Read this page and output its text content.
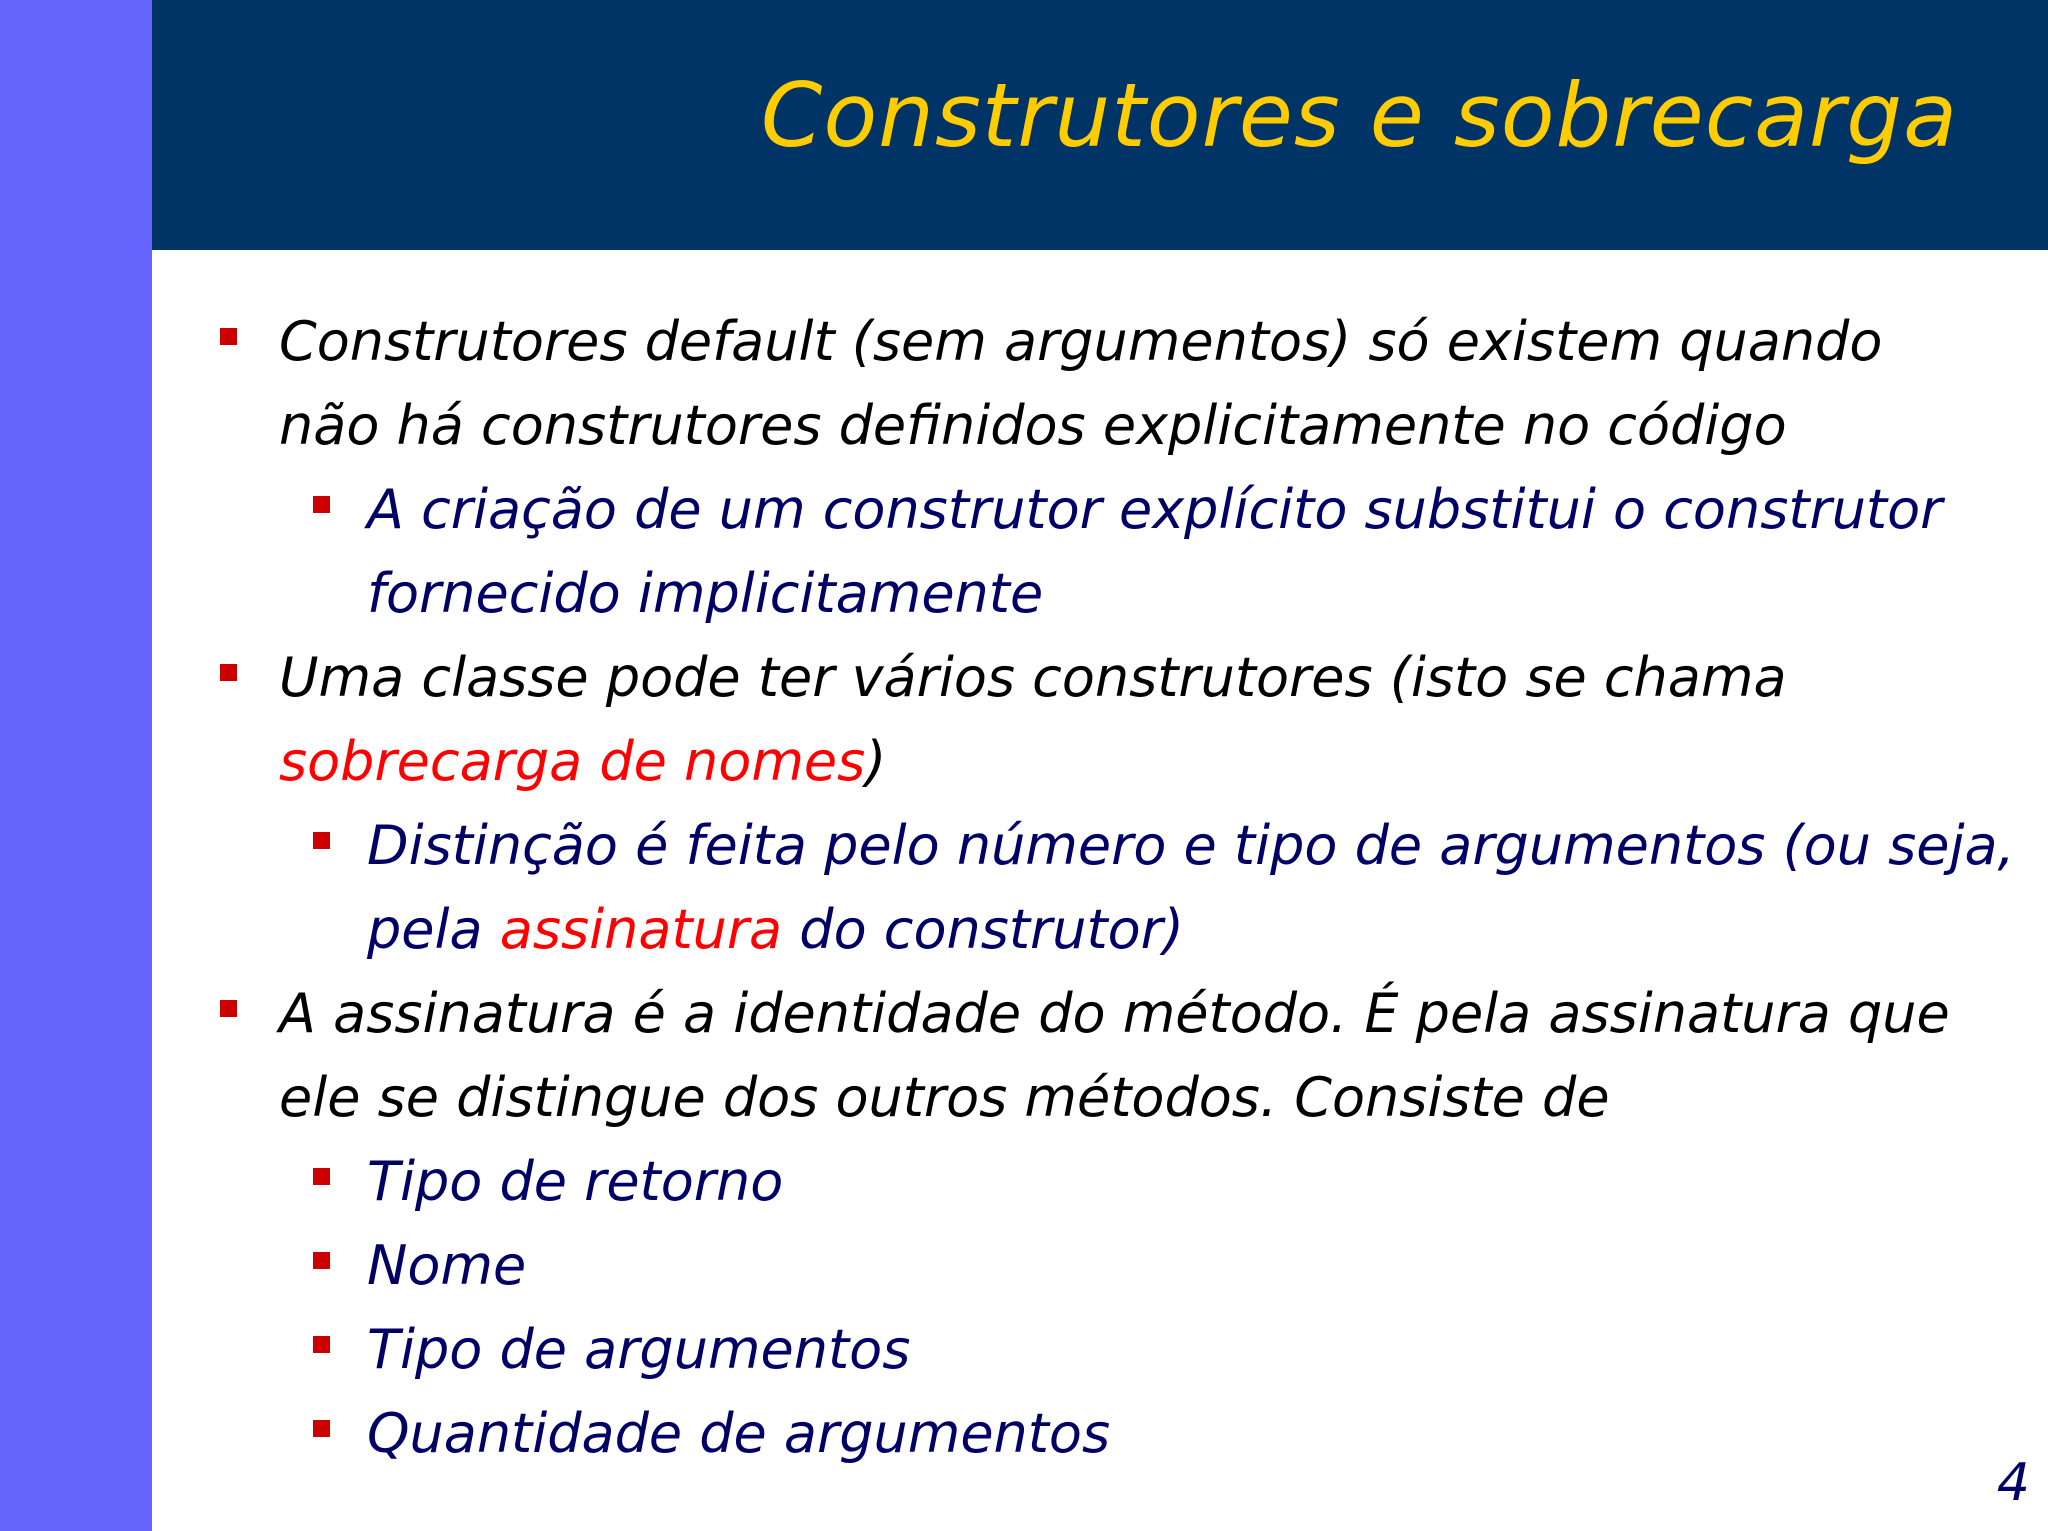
Construtores e sobrecarga
Construtores default (sem argumentos) só existem quando
não há construtores definidos explicitamente no código
A criação de um construtor explícito substitui o construtor
fornecido implicitamente
Uma classe pode ter vários construtores (isto se chama
sobrecarga de nomes)
Distinção é feita pelo número e tipo de argumentos (ou seja,
pela assinatura do construtor)
A assinatura é a identidade do método. É pela assinatura que
ele se distingue dos outros métodos. Consiste de
Tipo de retorno
Nome
Tipo de argumentos
Quantidade de argumentos
4
